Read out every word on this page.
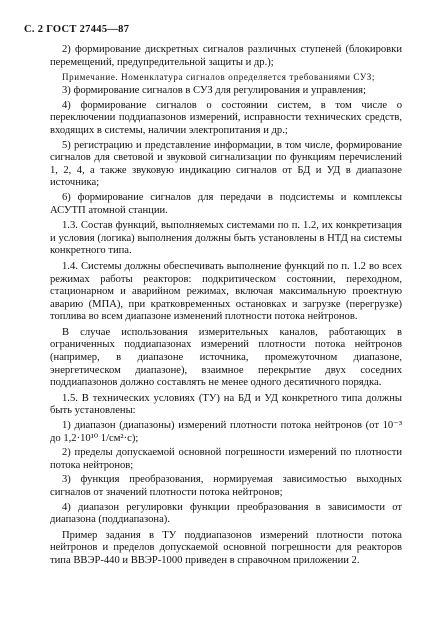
С. 2 ГОСТ 27445—87

2) формирование дискретных сигналов различных ступеней (блокировки перемещений, предупредительной защиты и др.);

Примечание. Номенклатура сигналов определяется требованиями СУЗ;

3) формирование сигналов в СУЗ для регулирования и управления;

4) формирование сигналов о состоянии систем, в том числе о переключении поддиапазонов измерений, исправности технических средств, входящих в системы, наличии электропитания и др.;

5) регистрацию и представление информации, в том числе, формирование сигналов для световой и звуковой сигнализации по функциям перечислений 1, 2, 4, а также звуковую индикацию сигналов от БД и УД в диапазоне источника;

6) формирование сигналов для передачи в подсистемы и комплексы АСУТП атомной станции.

1.3. Состав функций, выполняемых системами по п. 1.2, их конкретизация и условия (логика) выполнения должны быть установлены в НТД на системы конкретного типа.

1.4. Системы должны обеспечивать выполнение функций по п. 1.2 во всех режимах работы реакторов: подкритическом состоянии, переходном, стационарном и аварийном режимах, включая максимальную проектную аварию (МПА), при кратковременных остановках и загрузке (перегрузке) топлива во всем диапазоне изменений плотности потока нейтронов.

В случае использования измерительных каналов, работающих в ограниченных поддиапазонах измерений плотности потока нейтронов (например, в диапазоне источника, промежуточном диапазоне, энергетическом диапазоне), взаимное перекрытие двух соседних поддиапазонов должно составлять не менее одного десятичного порядка.

1.5. В технических условиях (ТУ) на БД и УД конкретного типа должны быть установлены:

1) диапазон (диапазоны) измерений плотности потока нейтронов (от 10⁻³ до 1,2·10¹⁰ 1/см²·с);

2) пределы допускаемой основной погрешности измерений по плотности потока нейтронов;

3) функция преобразования, нормируемая зависимостью выходных сигналов от значений плотности потока нейтронов;

4) диапазон регулировки функции преобразования в зависимости от диапазона (поддиапазона).

Пример задания в ТУ поддиапазонов измерений плотности потока нейтронов и пределов допускаемой основной погрешности для реакторов типа ВВЭР-440 и ВВЭР-1000 приведен в справочном приложении 2.
